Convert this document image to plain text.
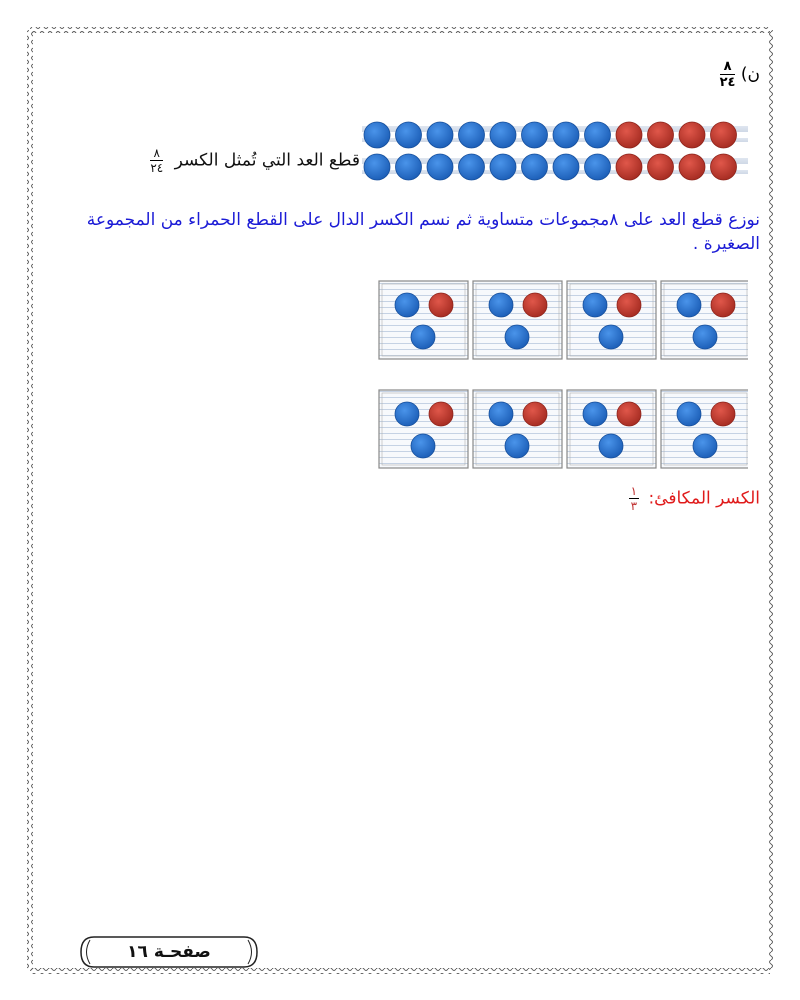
ن)
$\frac{٨}{٢٤}$
قطع العد التي تُمثل الكسر
$\frac{٨}{٢٤}$
نوزع قطع العد على ٨مجموعات متساوية ثم نسم الكسر الدال على القطع الحمراء من المجموعة الصغيرة .
الكسر المكافئ:
$\frac{١}{٣}$
صفحـة ١٦
